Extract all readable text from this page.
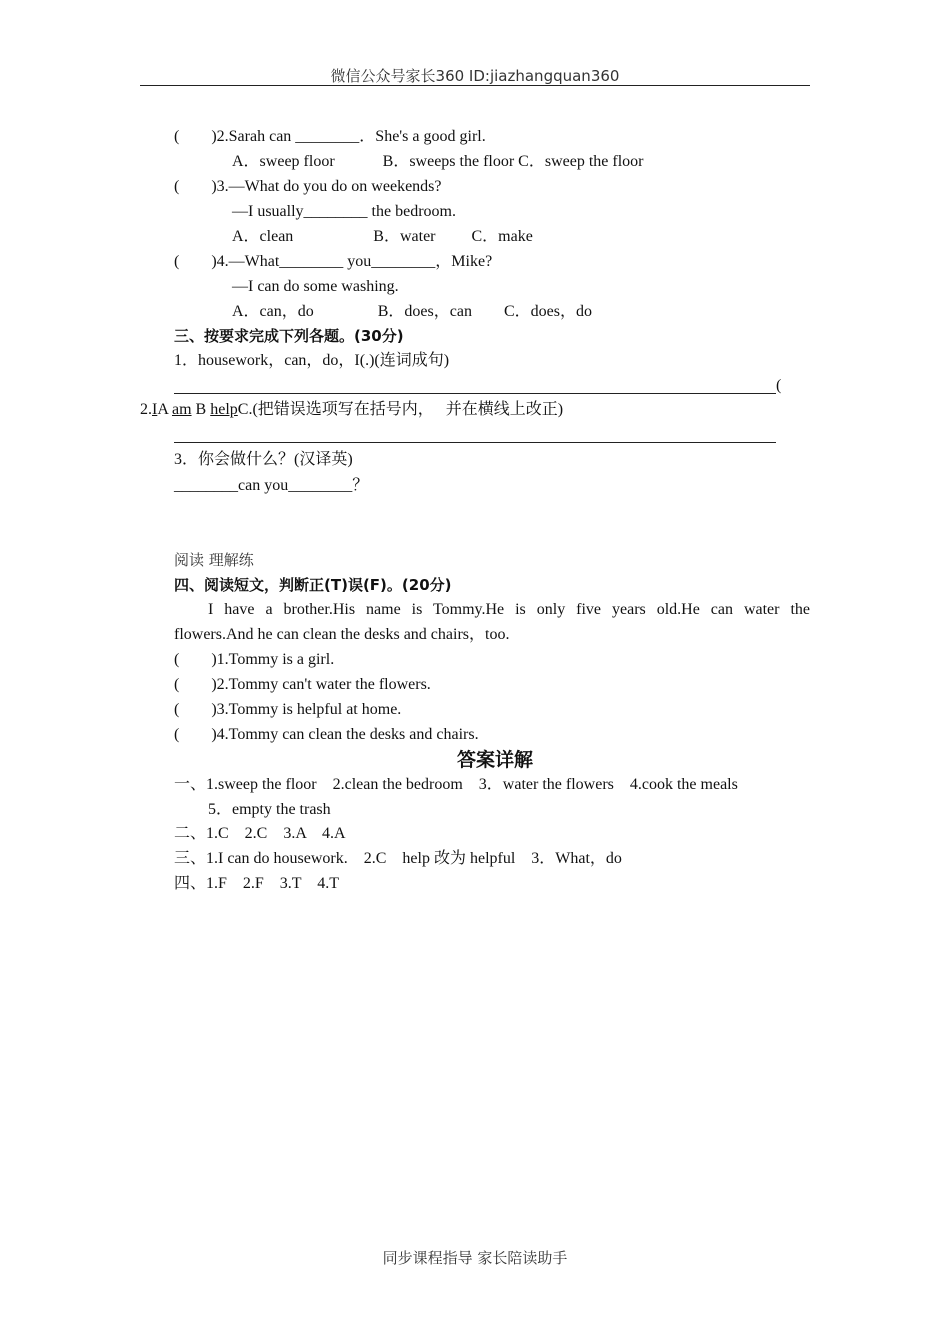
微信公众号家长360 ID:jiazhangquan360
(　　)2.Sarah can ________．She's a good girl.
A．sweep floor　　　B．sweeps the floor C．sweep the floor
(　　)3.—What do you do on weekends?
—I usually________ the bedroom.
A．clean　　　　　B．water　　 C．make
(　　)4.—What________ you________，Mike?
—I can do some washing.
A．can，do　　　　B．does，can　　C．does，do
三、按要求完成下列各题。(30分)
1．housework，can，do，I(.)(连词成句)
(
2.IA am B helpC.(把错误选项写在括号内，　 并在横线上改正)
3．你会做什么？(汉译英)
________can you________？
阅读 理解练
四、阅读短文，判断正(T)误(F)。(20分)
I have a brother.His name is Tommy.He is only five years old.He can water the
flowers.And he can clean the desks and chairs，too.
(　　)1.Tommy is a girl.
(　　)2.Tommy can't water the flowers.
(　　)3.Tommy is helpful at home.
(　　)4.Tommy can clean the desks and chairs.
答案详解
一、1.sweep the floor　2.clean the bedroom　3．water the flowers　4.cook the meals
5．empty the trash
二、1.C　2.C　3.A　4.A
三、1.I can do housework.　2.C　help 改为 helpful　3．What，do
四、1.F　2.F　3.T　4.T
同步课程指导 家长陪读助手
